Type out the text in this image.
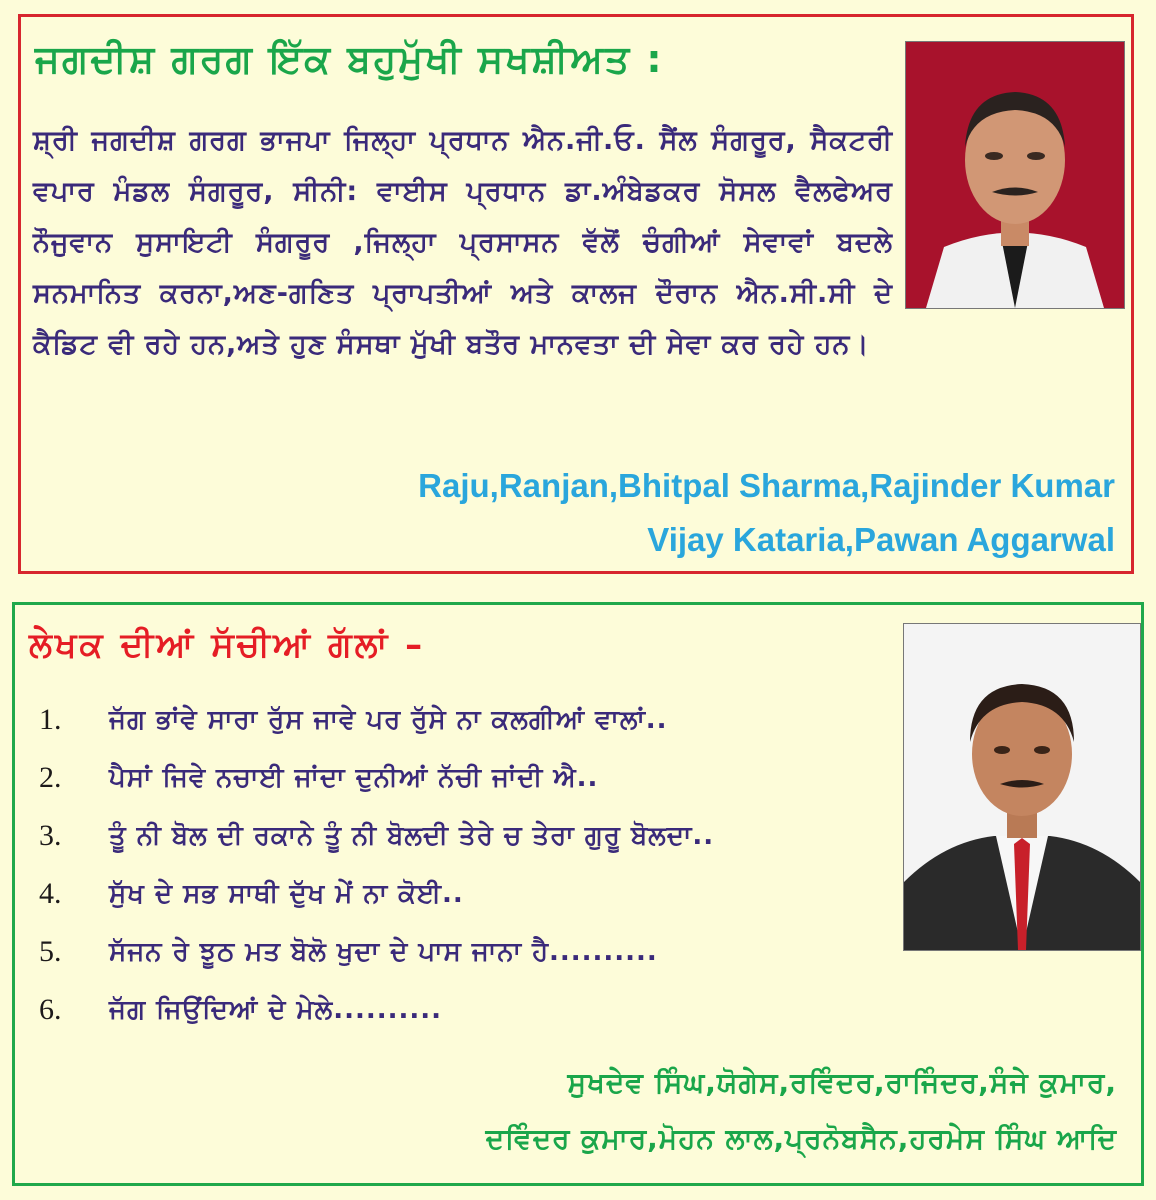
ਜਗਦੀਸ਼ ਗਰਗ ਇੱਕ ਬਹੁਮੁੱਖੀ ਸਖਸ਼ੀਅਤ :
ਸ਼੍ਰੀ ਜਗਦੀਸ਼ ਗਰਗ ਭਾਜਪਾ ਜਿਲ੍ਹਾ ਪ੍ਰਧਾਨ ਐਨ.ਜੀ.ਓ. ਸੈਂਲ ਸੰਗਰੂਰ, ਸੈਕਟਰੀ ਵਪਾਰ ਮੰਡਲ ਸੰਗਰੂਰ, ਸੀਨੀ: ਵਾਈਸ ਪ੍ਰਧਾਨ ਡਾ.ਅੰਬੇਡਕਰ ਸੋਸਲ ਵੈਲਫੇਅਰ ਨੌਜੁਵਾਨ ਸੁਸਾਇਟੀ ਸੰਗਰੂਰ ,ਜਿਲ੍ਹਾ ਪ੍ਰਸਾਸਨ ਵੱਲੋਂ ਚੰਗੀਆਂ ਸੇਵਾਵਾਂ ਬਦਲੇ ਸਨਮਾਨਿਤ ਕਰਨਾ,ਅਣ-ਗਣਿਤ ਪ੍ਰਾਪਤੀਆਂ ਅਤੇ ਕਾਲਜ ਦੌਰਾਨ ਐਨ.ਸੀ.ਸੀ ਦੇ ਕੈਡਿਟ ਵੀ ਰਹੇ ਹਨ,ਅਤੇ ਹੁਣ ਸੰਸਥਾ ਮੁੱਖੀ ਬਤੌਰ ਮਾਨਵਤਾ ਦੀ ਸੇਵਾ ਕਰ ਰਹੇ ਹਨ।
Raju,Ranjan,Bhitpal Sharma,Rajinder Kumar
Vijay Kataria,Pawan Aggarwal
ਲੇਖਕ ਦੀਆਂ ਸੱਚੀਆਂ ਗੱਲਾਂ –
1. ਜੱਗ ਭਾਂਵੇ ਸਾਰਾ ਰੁੱਸ ਜਾਵੇ ਪਰ ਰੁੱਸੇ ਨਾ ਕਲਗੀਆਂ ਵਾਲਾਂ..
2. ਪੈਸਾਂ ਜਿਵੇ ਨਚਾਈ ਜਾਂਦਾ ਦੁਨੀਆਂ ਨੱਚੀ ਜਾਂਦੀ ਐ..
3. ਤੂੰ ਨੀ ਬੋਲ ਦੀ ਰਕਾਨੇ ਤੂੰ ਨੀ ਬੋਲਦੀ ਤੇਰੇ ਚ ਤੇਰਾ ਗੁਰੂ ਬੋਲਦਾ..
4. ਸੁੱਖ ਦੇ ਸਭ ਸਾਥੀ ਦੁੱਖ ਮੇਂ ਨਾ ਕੋਈ..
5. ਸੱਜਨ ਰੇ ਝੂਠ ਮਤ ਬੋਲੋ ਖੁਦਾ ਦੇ ਪਾਸ ਜਾਨਾ ਹੈ..........
6. ਜੱਗ ਜਿਉਂਦਿਆਂ ਦੇ ਮੇਲੇ..........
ਸੁਖਦੇਵ ਸਿੰਘ,ਯੋਗੇਸ,ਰਵਿੰਦਰ,ਰਾਜਿੰਦਰ,ਸੰਜੇ ਕੁਮਾਰ,
ਦਵਿੰਦਰ ਕੁਮਾਰ,ਮੋਹਨ ਲਾਲ,ਪ੍ਰਨੋਬਸੈਨ,ਹਰਮੇਸ ਸਿੰਘ ਆਦਿ
